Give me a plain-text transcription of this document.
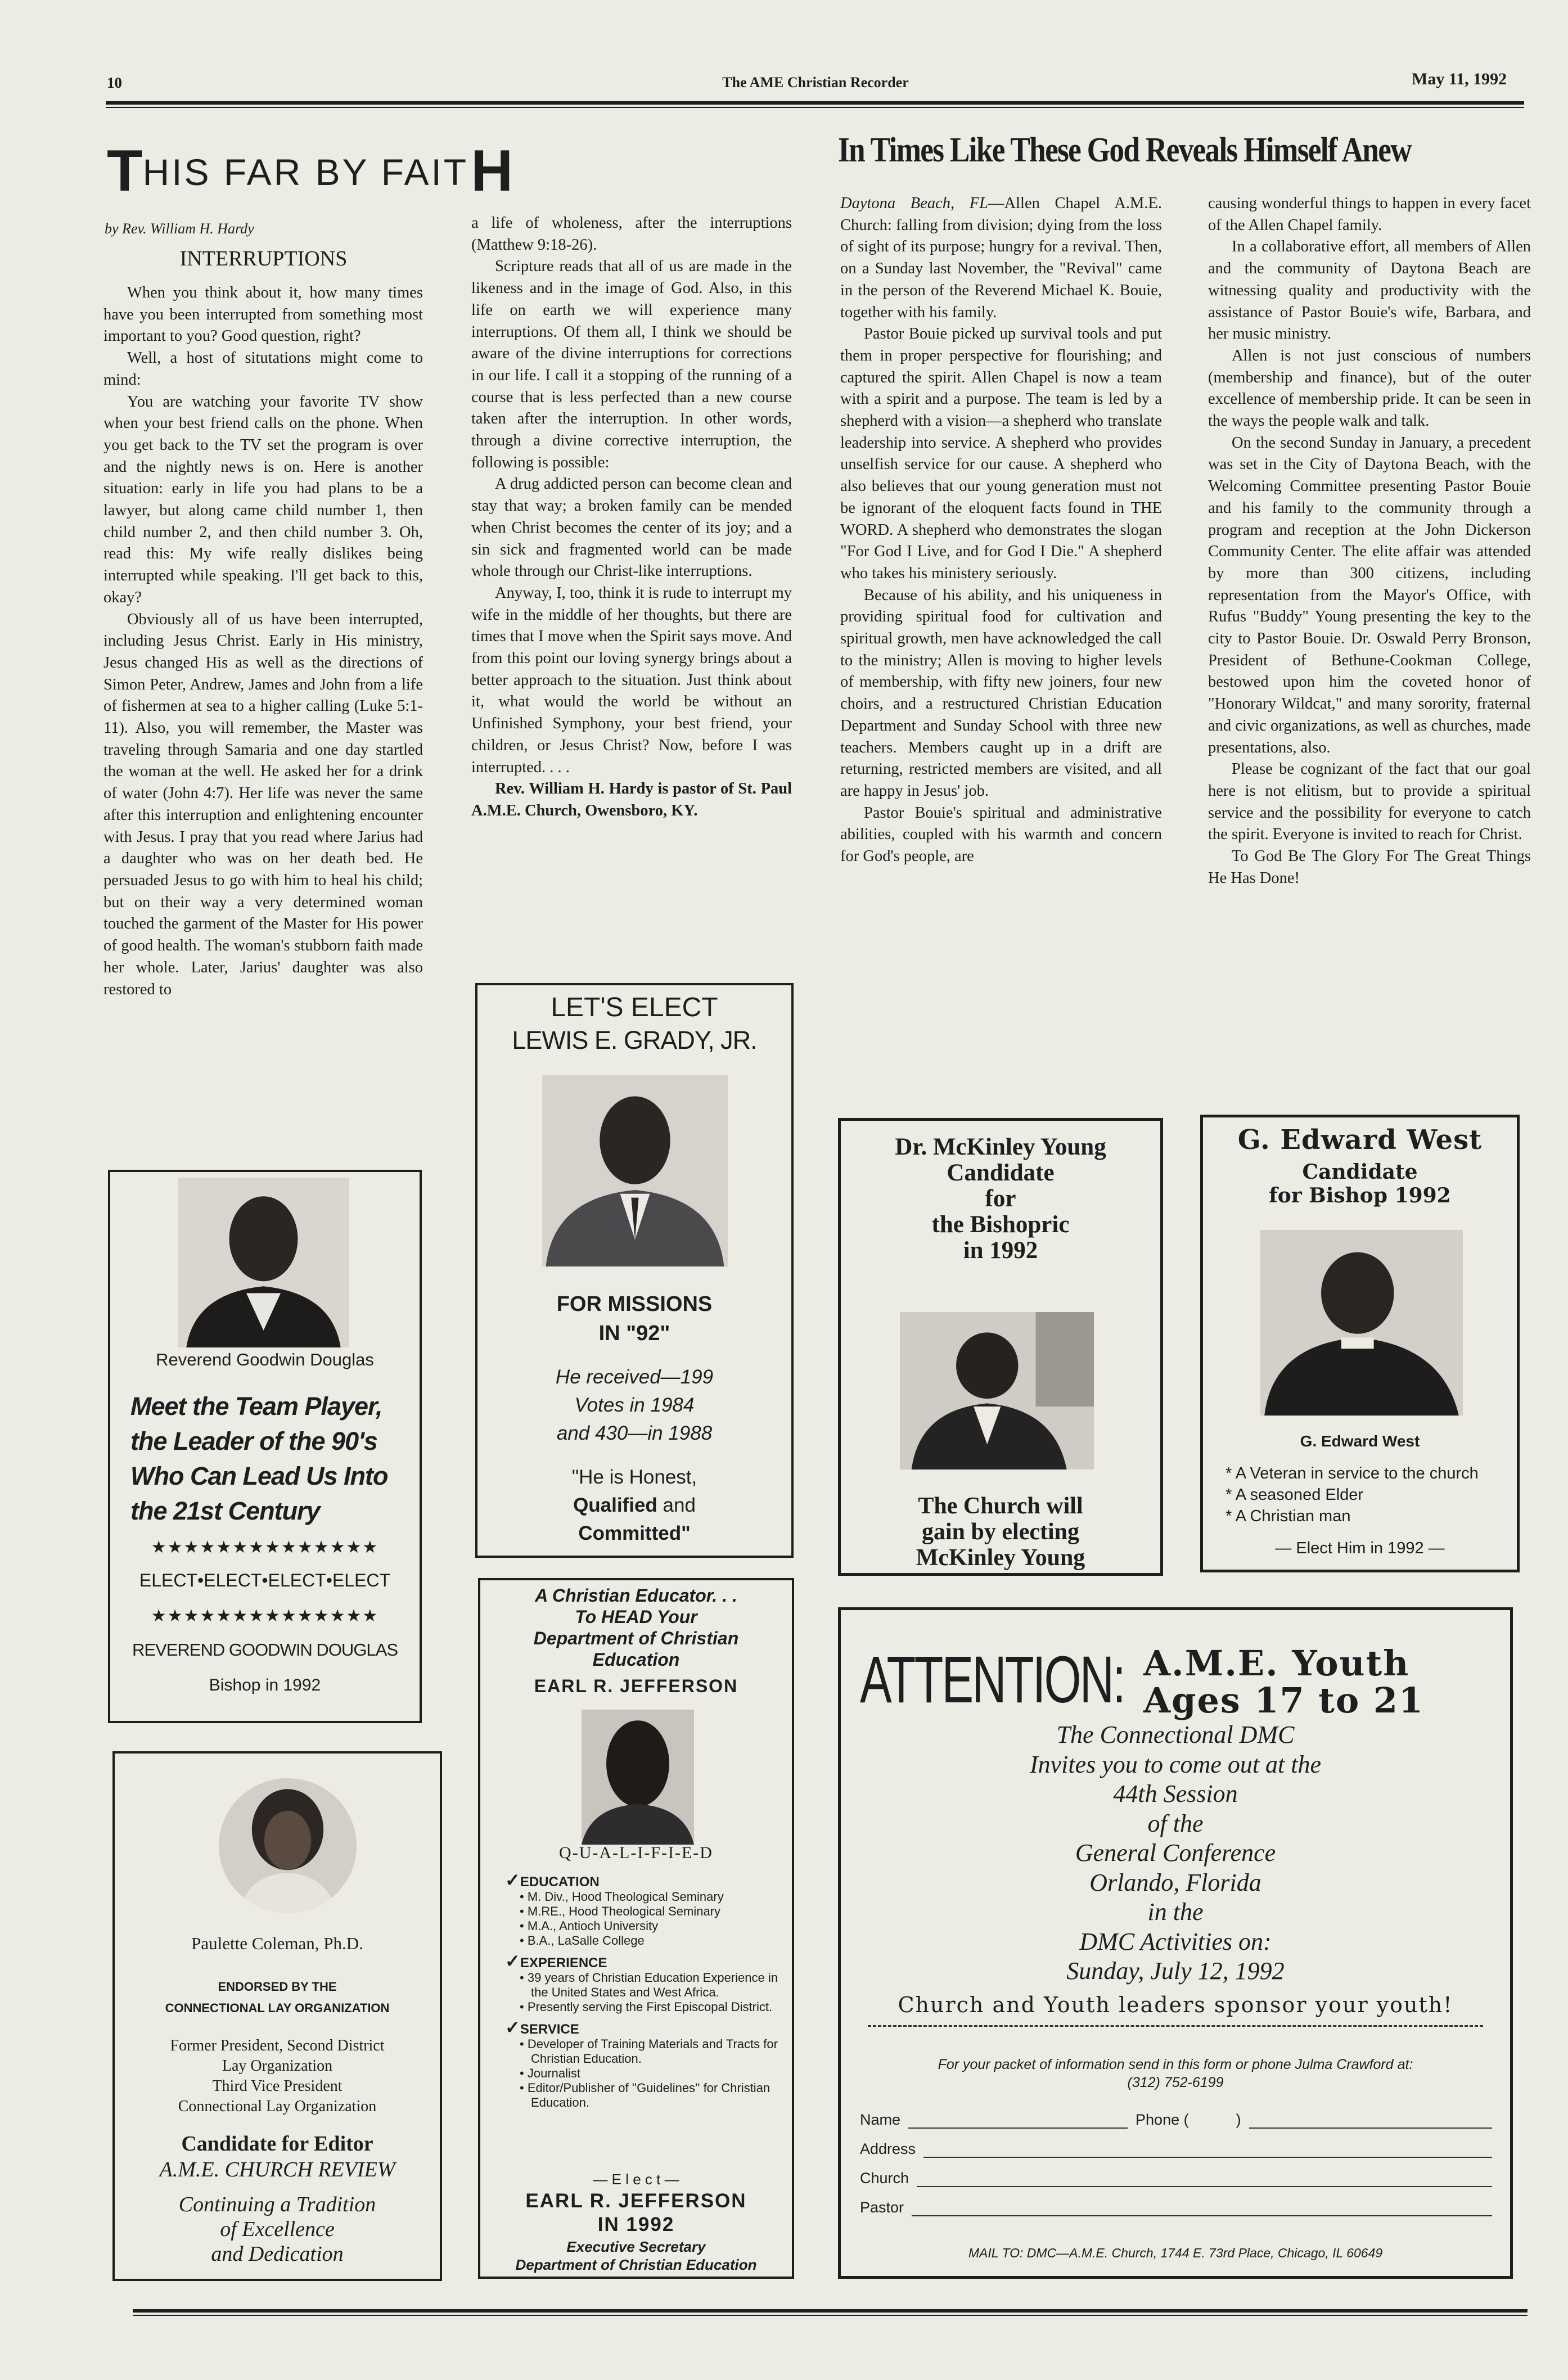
10	The AME Christian Recorder	May 11, 1992
THIS FAR BY FAITH
by Rev. William H. Hardy
INTERRUPTIONS

When you think about it, how many times have you been interrupted from something most important to you? Good question, right?

Well, a host of situtations might come to mind:

You are watching your favorite TV show when your best friend calls on the phone. When you get back to the TV set the program is over and the nightly news is on. Here is another situation: early in life you had plans to be a lawyer, but along came child number 1, then child number 2, and then child number 3. Oh, read this: My wife really dislikes being interrupted while speaking. I'll get back to this, okay?

Obviously all of us have been interrupted, including Jesus Christ. Early in His ministry, Jesus changed His as well as the directions of Simon Peter, Andrew, James and John from a life of fishermen at sea to a higher calling (Luke 5:1-11). Also, you will remember, the Master was traveling through Samaria and one day startled the woman at the well. He asked her for a drink of water (John 4:7). Her life was never the same after this interruption and enlightening encounter with Jesus. I pray that you read where Jarius had a daughter who was on her death bed. He persuaded Jesus to go with him to heal his child; but on their way a very determined woman touched the garment of the Master for His power of good health. The woman's stubborn faith made her whole. Later, Jarius' daughter was also restored to

a life of wholeness, after the interruptions (Matthew 9:18-26).

Scripture reads that all of us are made in the likeness and in the image of God. Also, in this life on earth we will experience many interruptions. Of them all, I think we should be aware of the divine interruptions for corrections in our life. I call it a stopping of the running of a course that is less perfected than a new course taken after the interruption. In other words, through a divine corrective interruption, the following is possible:

A drug addicted person can become clean and stay that way; a broken family can be mended when Christ becomes the center of its joy; and a sin sick and fragmented world can be made whole through our Christ-like interruptions.

Anyway, I, too, think it is rude to interrupt my wife in the middle of her thoughts, but there are times that I move when the Spirit says move. And from this point our loving synergy brings about a better approach to the situation. Just think about it, what would the world be without an Unfinished Symphony, your best friend, your children, or Jesus Christ? Now, before I was interrupted. . . .

Rev. William H. Hardy is pastor of St. Paul A.M.E. Church, Owensboro, KY.

In Times Like These God Reveals Himself Anew

Daytona Beach, FL—Allen Chapel A.M.E. Church: falling from division; dying from the loss of sight of its purpose; hungry for a revival. Then, on a Sunday last November, the "Revival" came in the person of the Reverend Michael K. Bouie, together with his family.

Pastor Bouie picked up survival tools and put them in proper perspective for flourishing; and captured the spirit. Allen Chapel is now a team with a spirit and a purpose. The team is led by a shepherd with a vision—a shepherd who translate leadership into service. A shepherd who provides unselfish service for our cause. A shepherd who also believes that our young generation must not be ignorant of the eloquent facts found in THE WORD. A shepherd who demonstrates the slogan "For God I Live, and for God I Die." A shepherd who takes his ministery seriously.

Because of his ability, and his uniqueness in providing spiritual food for cultivation and spiritual growth, men have acknowledged the call to the ministry; Allen is moving to higher levels of membership, with fifty new joiners, four new choirs, and a restructured Christian Education Department and Sunday School with three new teachers. Members caught up in a drift are returning, restricted members are visited, and all are happy in Jesus' job.

Pastor Bouie's spiritual and administrative abilities, coupled with his warmth and concern for God's people, are

causing wonderful things to happen in every facet of the Allen Chapel family.

In a collaborative effort, all members of Allen and the community of Daytona Beach are witnessing quality and productivity with the assistance of Pastor Bouie's wife, Barbara, and her music ministry.

Allen is not just conscious of numbers (membership and finance), but of the outer excellence of membership pride. It can be seen in the ways the people walk and talk.

On the second Sunday in January, a precedent was set in the City of Daytona Beach, with the Welcoming Committee presenting Pastor Bouie and his family to the community through a program and reception at the John Dickerson Community Center. The elite affair was attended by more than 300 citizens, including representation from the Mayor's Office, with Rufus "Buddy" Young presenting the key to the city to Pastor Bouie. Dr. Oswald Perry Bronson, President of Bethune-Cookman College, bestowed upon him the coveted honor of "Honorary Wildcat," and many sorority, fraternal and civic organizations, as well as churches, made presentations, also.

Please be cognizant of the fact that our goal here is not elitism, but to provide a spiritual service and the possibility for everyone to catch the spirit. Everyone is invited to reach for Christ.

To God Be The Glory For The Great Things He Has Done!

Reverend Goodwin Douglas
Meet the Team Player, the Leader of the 90's Who Can Lead Us Into the 21st Century
★★★★★★★★★★★★★★
ELECT•ELECT•ELECT•ELECT
★★★★★★★★★★★★★★
REVEREND GOODWIN DOUGLAS
Bishop in 1992
Paulette Coleman, Ph.D.
ENDORSED BY THE
CONNECTIONAL LAY ORGANIZATION
Former President, Second District
Lay Organization
Third Vice President
Connectional Lay Organization
Candidate for Editor
A.M.E. CHURCH REVIEW
Continuing a Tradition
of Excellence
and Dedication
LET'S ELECT
LEWIS E. GRADY, JR.
FOR MISSIONS
IN "92"
He received—199
Votes in 1984
and 430—in 1988
"He is Honest,
Qualified and
Committed"
A Christian Educator. . .
To HEAD Your
Department of Christian
Education
EARL R. JEFFERSON
Q-U-A-L-I-F-I-E-D
✓EDUCATION
• M. Div., Hood Theological Seminary
• M.RE., Hood Theological Seminary
• M.A., Antioch University
• B.A., LaSalle College
✓EXPERIENCE
• 39 years of Christian Education Experience in the United States and West Africa.
• Presently serving the First Episcopal District.
✓SERVICE
• Developer of Training Materials and Tracts for Christian Education.
• Journalist
• Editor/Publisher of ''Guidelines'' for Christian Education.
— E l e c t —
EARL R. JEFFERSON
IN 1992
Executive Secretary
Department of Christian Education
Dr. McKinley Young
Candidate
for
the Bishopric
in 1992
The Church will
gain by electing
McKinley Young
G. Edward West
Candidate
for Bishop 1992
G. Edward West
* A Veteran in service to the church
* A seasoned Elder
* A Christian man
— Elect Him in 1992 —
ATTENTION: A.M.E. Youth
Ages 17 to 21
The Connectional DMC
Invites you to come out at the
44th Session
of the
General Conference
Orlando, Florida
in the
DMC Activities on:
Sunday, July 12, 1992
Church and Youth leaders sponsor your youth!
For your packet of information send in this form or phone Julma Crawford at:
(312) 752-6199
Name	Phone (	)
Address
Church
Pastor
MAIL TO: DMC—A.M.E. Church, 1744 E. 73rd Place, Chicago, IL 60649
